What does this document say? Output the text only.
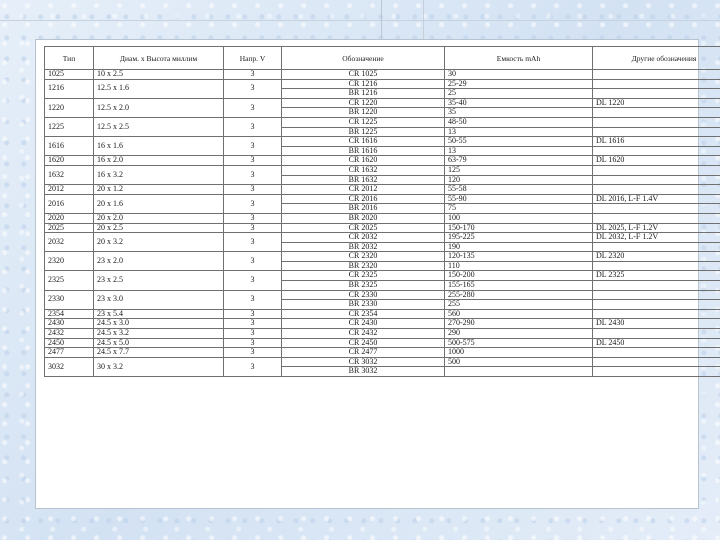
Тип	Диам. x Высота миллим	Напр. V	Обозначение	Емкость mAh	Другие обозначения
1025	10 x 2.5	3	CR 1025	30	
1216	12.5 x 1.6	3	CR 1216	25-29	
			BR 1216	25	
1220	12.5 x 2.0	3	CR 1220	35-40	DL 1220
			BR 1220	35	
1225	12.5 x 2.5	3	CR 1225	48-50	
			BR 1225	13	
1616	16 x 1.6	3	CR 1616	50-55	DL 1616
			BR 1616	13	
1620	16 x 2.0	3	CR 1620	63-79	DL 1620
1632	16 x 3.2	3	CR 1632	125	
			BR 1632	120	
2012	20 x 1.2	3	CR 2012	55-58	
2016	20 x 1.6	3	CR 2016	55-90	DL 2016, L-F 1.4V
			BR 2016	75	
2020	20 x 2.0	3	BR 2020	100	
2025	20 x 2.5	3	CR 2025	150-170	DL 2025, L-F 1.2V
2032	20 x 3.2	3	CR 2032	195-225	DL 2032, L-F 1.2V
			BR 2032	190	
2320	23 x 2.0	3	CR 2320	120-135	DL 2320
			BR 2320	110	
2325	23 x 2.5	3	CR 2325	150-200	DL 2325
			BR 2325	155-165	
2330	23 x 3.0	3	CR 2330	255-280	
			BR 2330	255	
2354	23 x 5.4	3	CR 2354	560	
2430	24.5 x 3.0	3	CR 2430	270-290	DL 2430
2432	24.5 x 3.2	3	CR 2432	290	
2450	24.5 x 5.0	3	CR 2450	500-575	DL 2450
2477	24.5 x 7.7	3	CR 2477	1000	
3032	30 x 3.2	3	CR 3032	500	
			BR 3032		
